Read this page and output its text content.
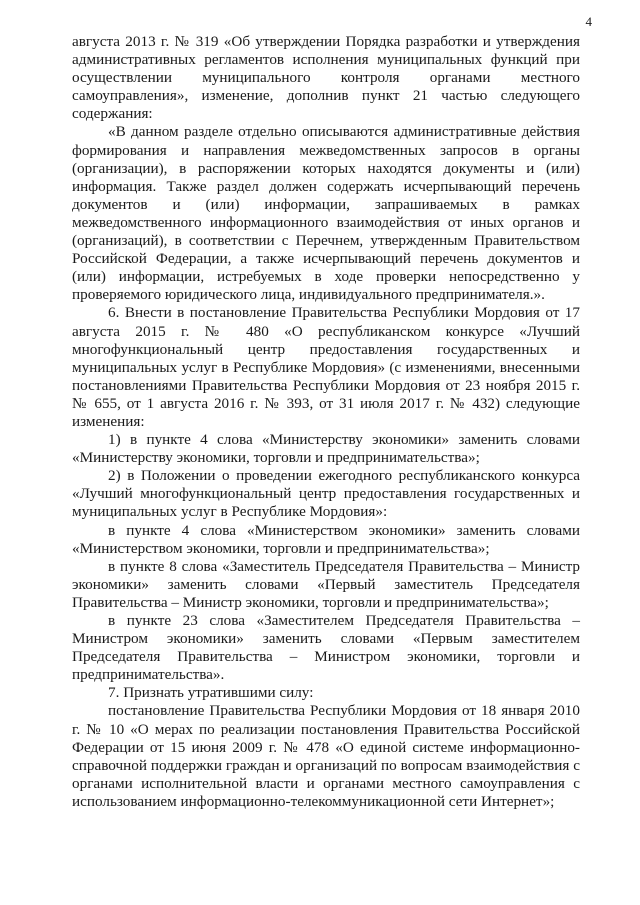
4

августа 2013 г. № 319 «Об утверждении Порядка разработки и утверждения административных регламентов исполнения муниципальных функций при осуществлении муниципального контроля органами местного самоуправления», изменение, дополнив пункт 21 частью следующего содержания:

«В данном разделе отдельно описываются административные действия формирования и направления межведомственных запросов в органы (организации), в распоряжении которых находятся документы и (или) информация. Также раздел должен содержать исчерпывающий перечень документов и (или) информации, запрашиваемых в рамках межведомственного информационного взаимодействия от иных органов и (организаций), в соответствии с Перечнем, утвержденным Правительством Российской Федерации, а также исчерпывающий перечень документов и (или) информации, истребуемых в ходе проверки непосредственно у проверяемого юридического лица, индивидуального предпринимателя.».

6. Внести в постановление Правительства Республики Мордовия от 17 августа 2015 г. № 480 «О республиканском конкурсе «Лучший многофункциональный центр предоставления государственных и муниципальных услуг в Республике Мордовия» (с изменениями, внесенными постановлениями Правительства Республики Мордовия от 23 ноября 2015 г. № 655, от 1 августа 2016 г. № 393, от 31 июля 2017 г. № 432) следующие изменения:

1) в пункте 4 слова «Министерству экономики» заменить словами «Министерству экономики, торговли и предпринимательства»;

2) в Положении о проведении ежегодного республиканского конкурса «Лучший многофункциональный центр предоставления государственных и муниципальных услуг в Республике Мордовия»:

в пункте 4 слова «Министерством экономики» заменить словами «Министерством экономики, торговли и предпринимательства»;

в пункте 8 слова «Заместитель Председателя Правительства – Министр экономики» заменить словами «Первый заместитель Председателя Правительства – Министр экономики, торговли и предпринимательства»;

в пункте 23 слова «Заместителем Председателя Правительства – Министром экономики» заменить словами «Первым заместителем Председателя Правительства – Министром экономики, торговли и предпринимательства».

7. Признать утратившими силу:

постановление Правительства Республики Мордовия от 18 января 2010 г. № 10 «О мерах по реализации постановления Правительства Российской Федерации от 15 июня 2009 г. № 478 «О единой системе информационно-справочной поддержки граждан и организаций по вопросам взаимодействия с органами исполнительной власти и органами местного самоуправления с использованием информационно-телекоммуникационной сети Интернет»;
